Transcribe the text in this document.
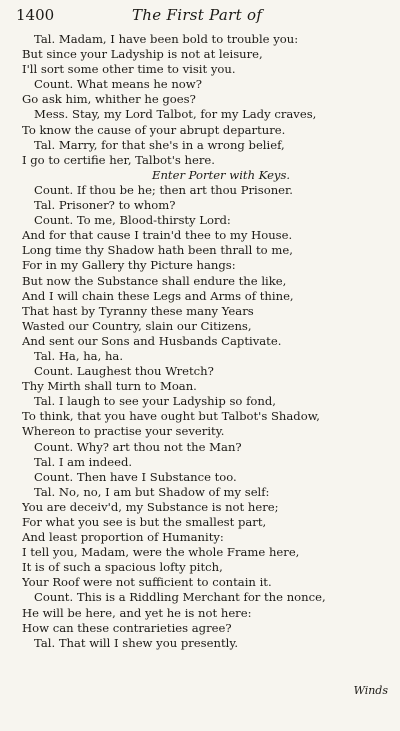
1400	The First Part of
Tal. Madam, I have been bold to trouble you:
But since your Ladyship is not at leisure,
I'll sort some other time to visit you.
Count. What means he now?
Go ask him, whither he goes?
Mess. Stay, my Lord Talbot, for my Lady craves,
To know the cause of your abrupt departure.
Tal. Marry, for that she's in a wrong belief,
I go to certifie her, Talbot's here.
Enter Porter with Keys.
Count. If thou be he; then art thou Prisoner.
Tal. Prisoner? to whom?
Count. To me, Blood-thirsty Lord:
And for that cause I train'd thee to my House.
Long time thy Shadow hath been thrall to me,
For in my Gallery thy Picture hangs:
But now the Substance shall endure the like,
And I will chain these Legs and Arms of thine,
That hast by Tyranny these many Years
Wasted our Country, slain our Citizens,
And sent our Sons and Husbands Captivate.
Tal. Ha, ha, ha.
Count. Laughest thou Wretch?
Thy Mirth shall turn to Moan.
Tal. I laugh to see your Ladyship so fond,
To think, that you have ought but Talbot's Shadow,
Whereon to practise your severity.
Count. Why? art thou not the Man?
Tal. I am indeed.
Count. Then have I Substance too.
Tal. No, no, I am but Shadow of my self:
You are deceiv'd, my Substance is not here;
For what you see is but the smallest part,
And least proportion of Humanity:
I tell you, Madam, were the whole Frame here,
It is of such a spacious lofty pitch,
Your Roof were not sufficient to contain it.
Count. This is a Riddling Merchant for the nonce,
He will be here, and yet he is not here:
How can these contrarieties agree?
Tal. That will I shew you presently.
Winds
